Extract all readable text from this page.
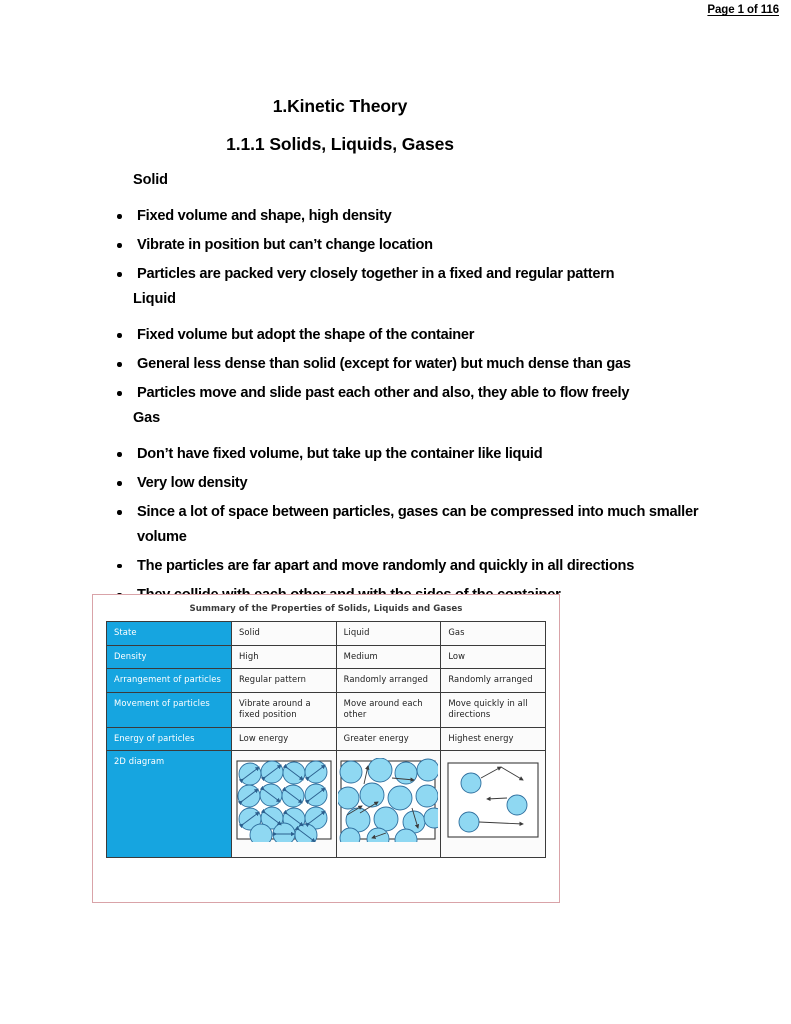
Page 1 of 116
1.Kinetic Theory
1.1.1 Solids, Liquids, Gases
Solid
Fixed volume and shape, high density
Vibrate in position but can’t change location
Particles are packed very closely together in a fixed and regular pattern
Liquid
Fixed volume but adopt the shape of the container
General less dense than solid (except for water) but much dense than gas
Particles move and slide past each other and also, they able to flow freely
Gas
Don’t have fixed volume, but take up the container like liquid
Very low density
Since a lot of space between particles, gases can be compressed into much smaller volume
The particles are far apart and move randomly and quickly in all directions
Summary of the Properties of Solids, Liquids and Gases
State	Solid	Liquid	Gas
Density	High	Medium	Low
Arrangement of particles	Regular pattern	Randomly arranged	Randomly arranged
Movement of particles	Vibrate around a fixed position	Move around each other	Move quickly in all directions
Energy of particles	Low energy	Greater energy	Highest energy
2D diagram	
